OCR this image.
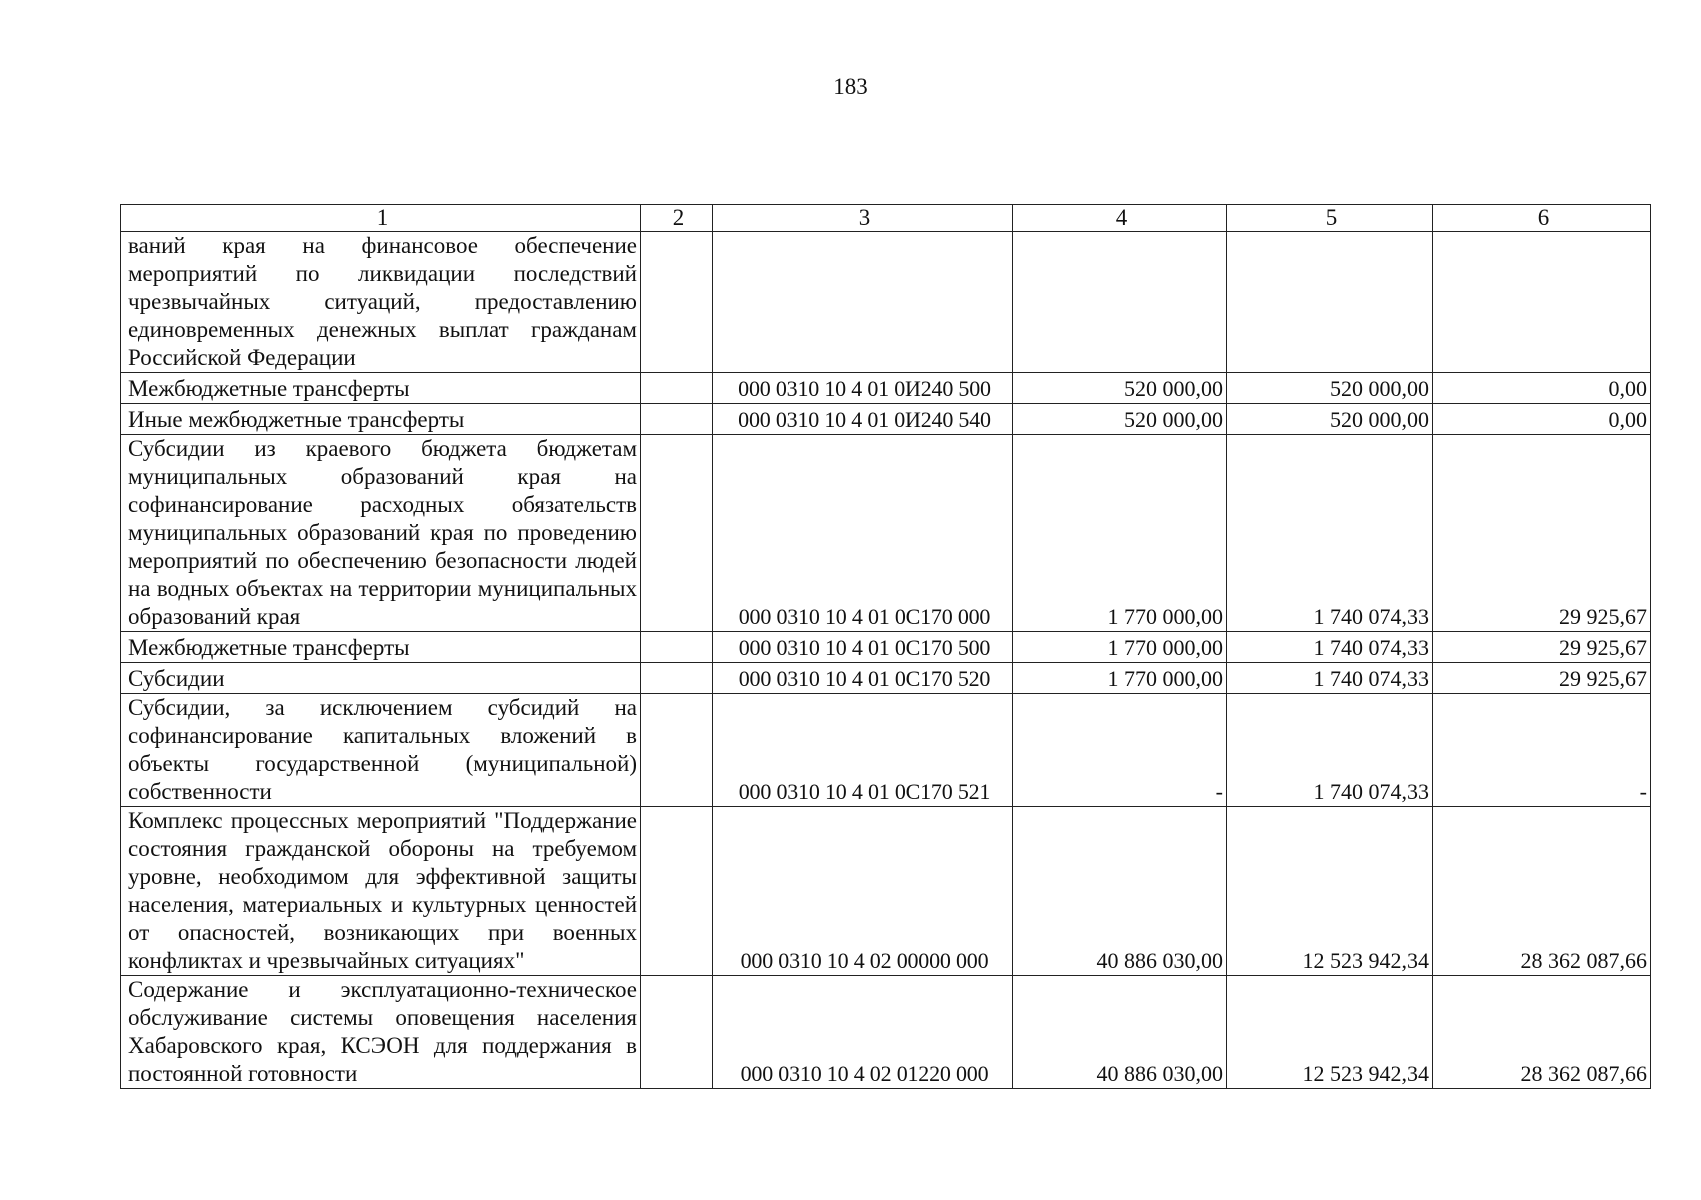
183
1	2	3	4	5	6
ваний края на финансовое обеспечение мероприятий по ликвидации последствий чрезвычайных ситуаций, предоставлению единовременных денежных выплат гражданам Российской Федерации					
Межбюджетные трансферты		000 0310 10 4 01 0И240 500	520 000,00	520 000,00	0,00
Иные межбюджетные трансферты		000 0310 10 4 01 0И240 540	520 000,00	520 000,00	0,00
Субсидии из краевого бюджета бюджетам муниципальных образований края на софинансирование расходных обязательств муниципальных образований края по проведению мероприятий по обеспечению безопасности людей на водных объектах на территории муниципальных образований края		000 0310 10 4 01 0С170 000	1 770 000,00	1 740 074,33	29 925,67
Межбюджетные трансферты		000 0310 10 4 01 0С170 500	1 770 000,00	1 740 074,33	29 925,67
Субсидии		000 0310 10 4 01 0С170 520	1 770 000,00	1 740 074,33	29 925,67
Субсидии, за исключением субсидий на софинансирование капитальных вложений в объекты государственной (муниципальной) собственности		000 0310 10 4 01 0С170 521	-	1 740 074,33	-
Комплекс процессных мероприятий "Поддержание состояния гражданской обороны на требуемом уровне, необходимом для эффективной защиты населения, материальных и культурных ценностей от опасностей, возникающих при военных конфликтах и чрезвычайных ситуациях"		000 0310 10 4 02 00000 000	40 886 030,00	12 523 942,34	28 362 087,66
Содержание и эксплуатационно-техническое обслуживание системы оповещения населения Хабаровского края, КСЭОН для поддержания в постоянной готовности		000 0310 10 4 02 01220 000	40 886 030,00	12 523 942,34	28 362 087,66
